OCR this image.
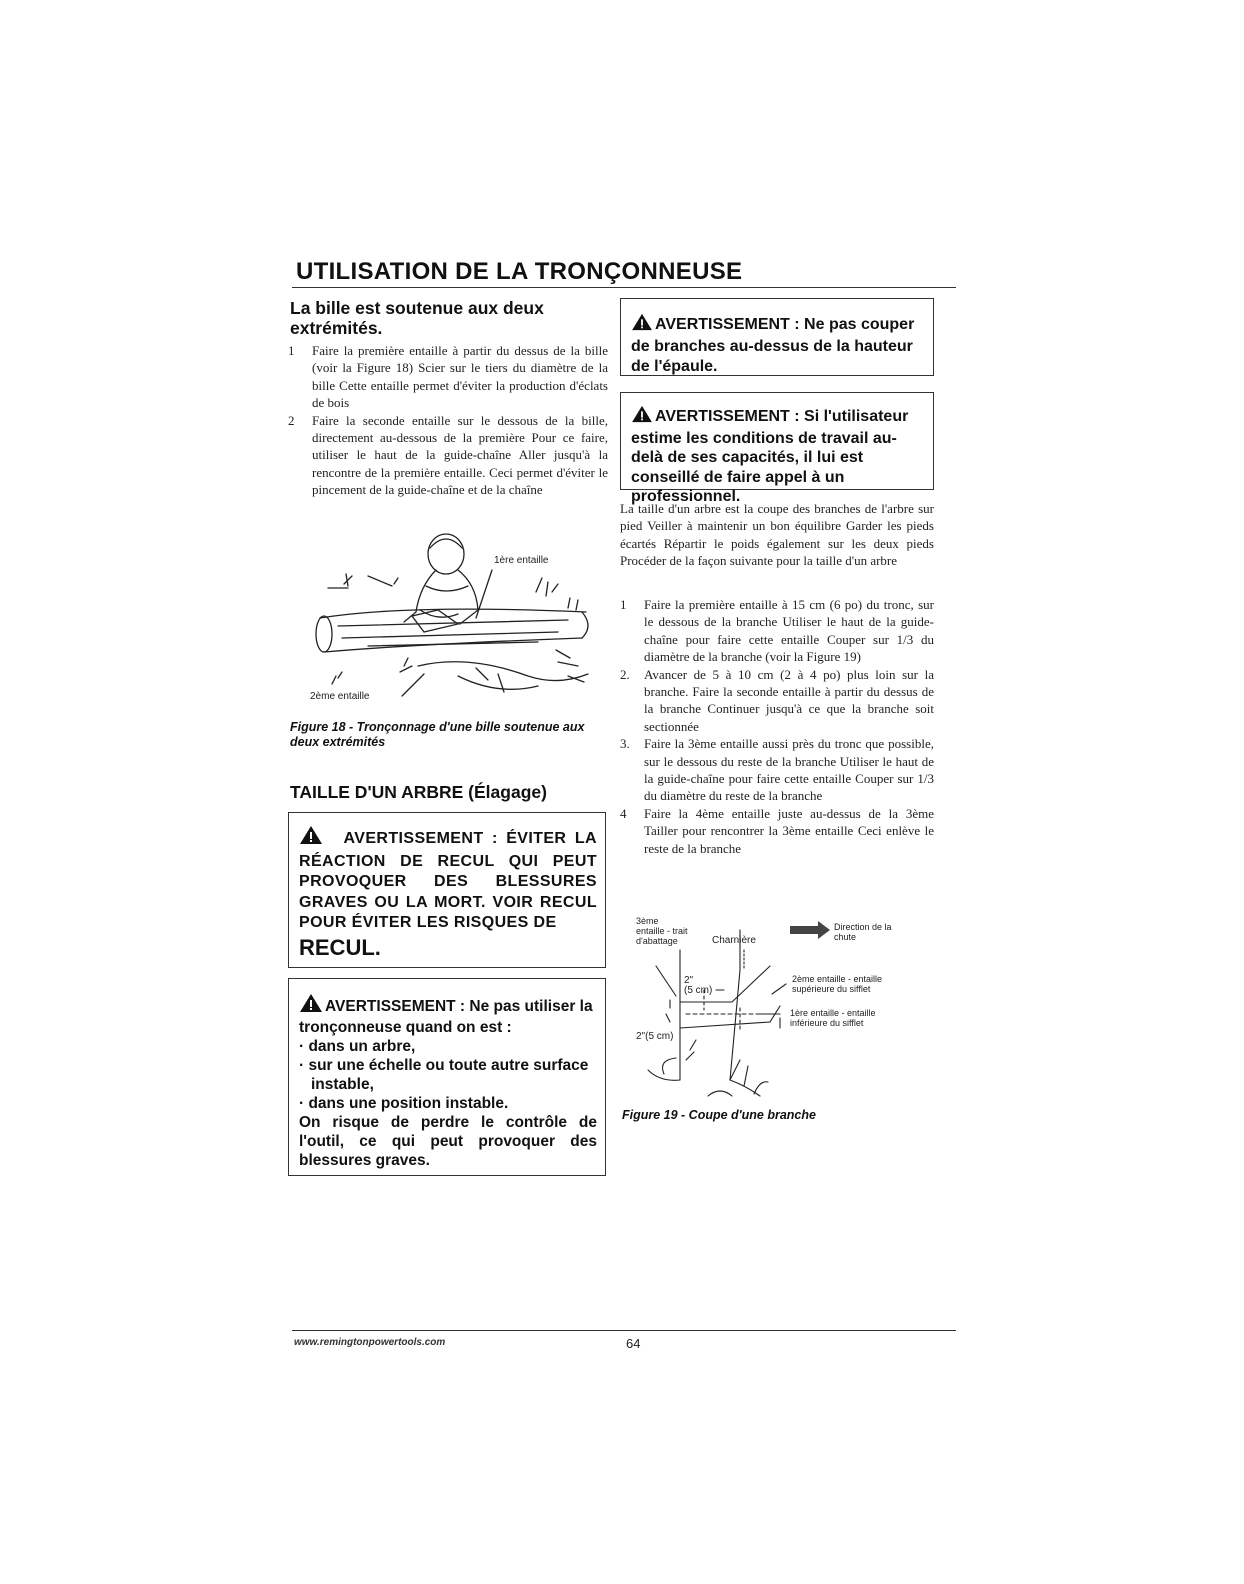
UTILISATION DE LA TRONÇONNEUSE
La bille est soutenue aux deux extrémités.
1 Faire la première entaille à partir du dessus de la bille (voir la Figure 18) Scier sur le tiers du diamètre de la bille Cette entaille permet d'éviter la production d'éclats de bois
2 Faire la seconde entaille sur le dessous de la bille, directement au-dessous de la première Pour ce faire, utiliser le haut de la guide-chaîne Aller jusqu'à la rencontre de la première entaille. Ceci permet d'éviter le pincement de la guide-chaîne et de la chaîne
1ère entaille
2ème entaille
Figure 18 - Tronçonnage d'une bille soutenue aux deux extrémités
TAILLE D'UN ARBRE (Élagage)
AVERTISSEMENT : ÉVITER LA RÉACTION DE RECUL QUI PEUT PROVOQUER DES BLESSURES GRAVES OU LA MORT. VOIR RECUL POUR ÉVITER LES RISQUES DE
RECUL.
AVERTISSEMENT : Ne pas utiliser la tronçonneuse quand on est :
· dans un arbre,
· sur une échelle ou toute autre surface instable,
· dans une position instable.
On risque de perdre le contrôle de l'outil, ce qui peut provoquer des blessures graves.
AVERTISSEMENT : Ne pas couper de branches au-dessus de la hauteur de l'épaule.
AVERTISSEMENT : Si l'utilisateur estime les conditions de travail au-delà de ses capacités, il lui est conseillé de faire appel à un professionnel.
La taille d'un arbre est la coupe des branches de l'arbre sur pied Veiller à maintenir un bon équilibre Garder les pieds écartés Répartir le poids également sur les deux pieds Procéder de la façon suivante pour la taille d'un arbre
1 Faire la première entaille à 15 cm (6 po) du tronc, sur le dessous de la branche Utiliser le haut de la guide-chaîne pour faire cette entaille Couper sur 1/3 du diamètre de la branche (voir la Figure 19)
2. Avancer de 5 à 10 cm (2 à 4 po) plus loin sur la branche. Faire la seconde entaille à partir du dessus de la branche Continuer jusqu'à ce que la branche soit sectionnée
3. Faire la 3ème entaille aussi près du tronc que possible, sur le dessous du reste de la branche Utiliser le haut de la guide-chaîne pour faire cette entaille Couper sur 1/3 du diamètre du reste de la branche
4 Faire la 4ème entaille juste au-dessus de la 3ème Tailler pour rencontrer la 3ème entaille Ceci enlève le reste de la branche
3ème
entaille - trait
d'abattage	Charnière
Direction de la
chute
2ème entaille - entaille
supérieure du sifflet
1ère entaille - entaille
inférieure du sifflet
2"
(5 cm)
2"(5 cm)
Figure 19 - Coupe d'une branche
www.remingtonpowertools.com	64
